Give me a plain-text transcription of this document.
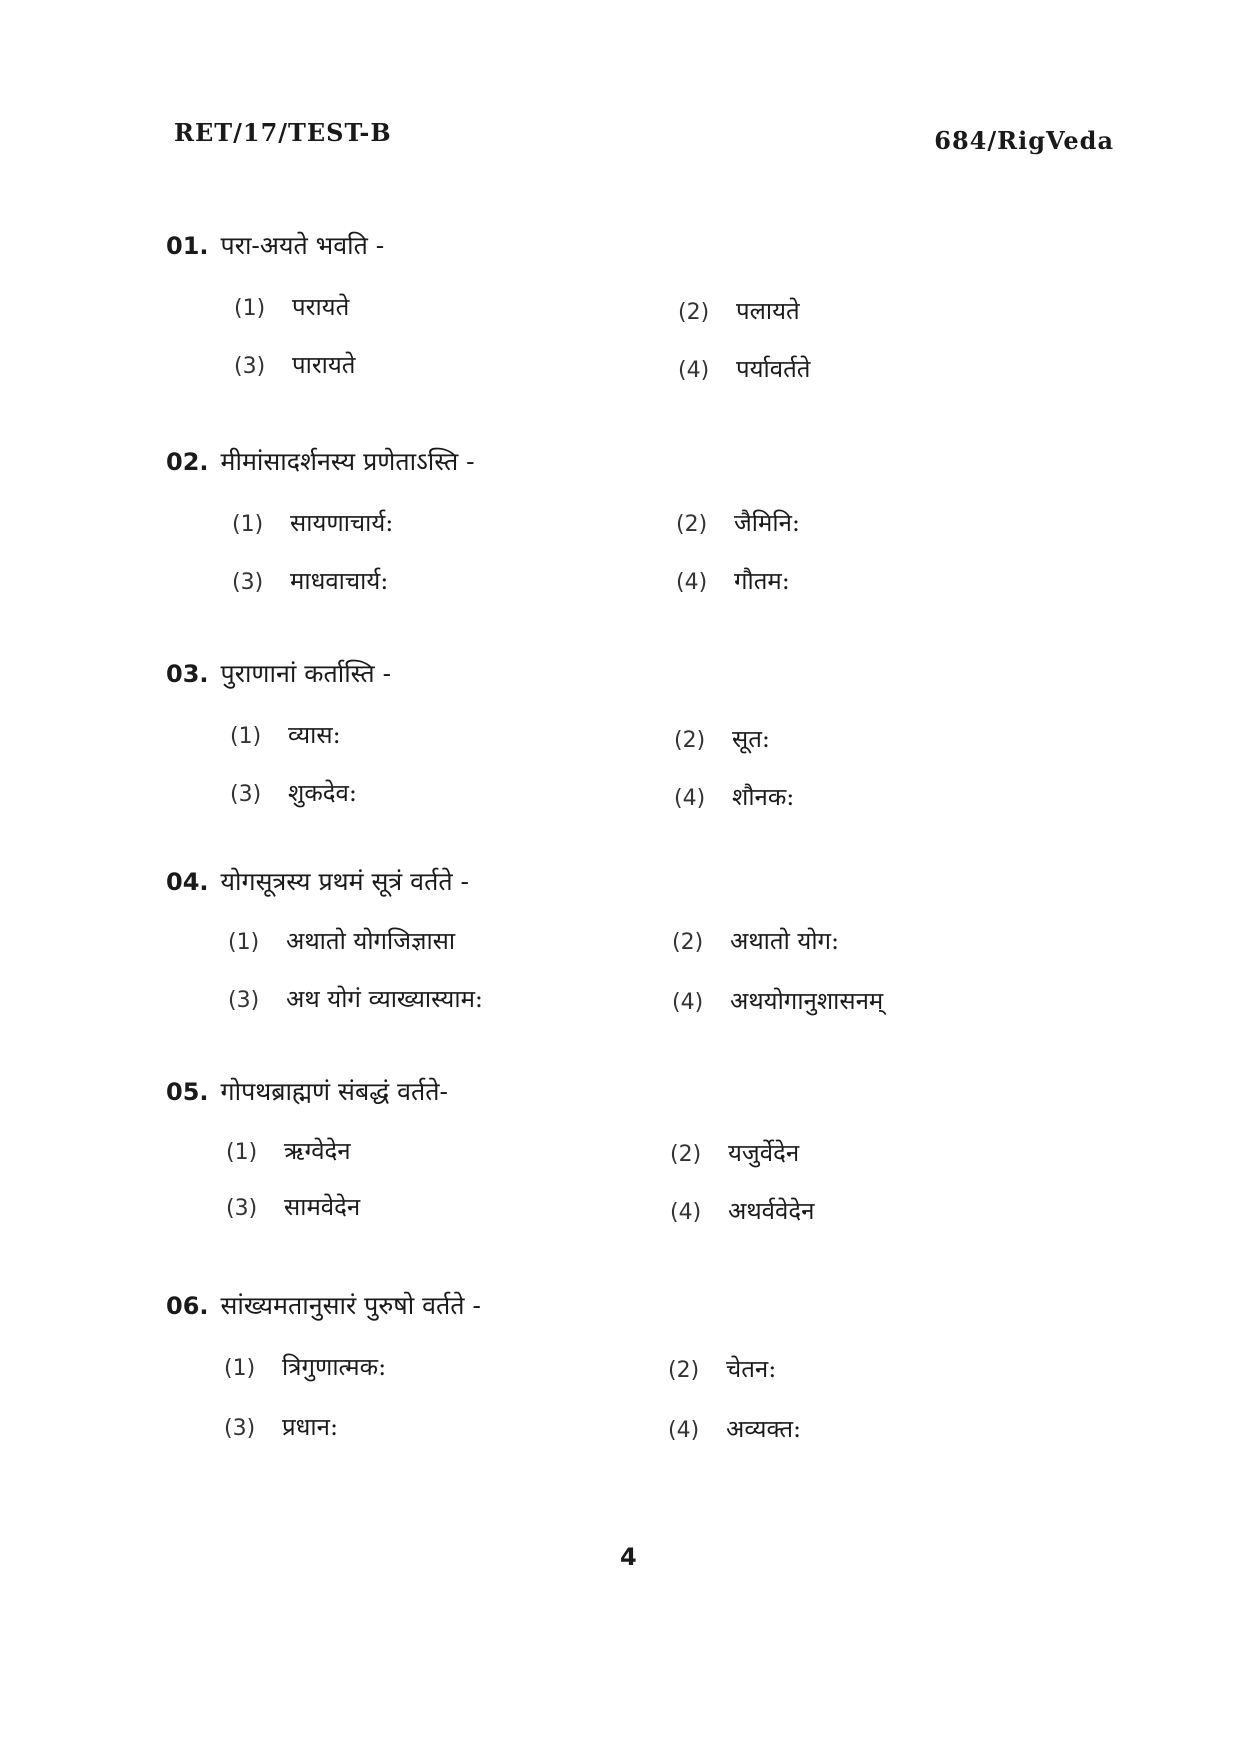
RET/17/TEST-B	684/RigVeda
01. परा-अयते भवति -
(1) परायते	(2) पलायते
(3) पारायते	(4) पर्यावर्तते
02. मीमांसादर्शनस्य प्रणेताऽस्ति -
(1) सायणाचार्य:	(2) जैमिनि:
(3) माधवाचार्य:	(4) गौतम:
03. पुराणानां कर्तास्ति -
(1) व्यास:	(2) सूत:
(3) शुकदेव:	(4) शौनक:
04. योगसूत्रस्य प्रथमं सूत्रं वर्तते -
(1) अथातो योगजिज्ञासा	(2) अथातो योग:
(3) अथ योगं व्याख्यास्याम:	(4) अथयोगानुशासनम्
05. गोपथब्राह्मणं संबद्धं वर्तते-
(1) ऋग्वेदेन	(2) यजुर्वेदेन
(3) सामवेदेन	(4) अथर्ववेदेन
06. सांख्यमतानुसारं पुरुषो वर्तते -
(1) त्रिगुणात्मक:	(2) चेतन:
(3) प्रधान:	(4) अव्यक्त:
4
